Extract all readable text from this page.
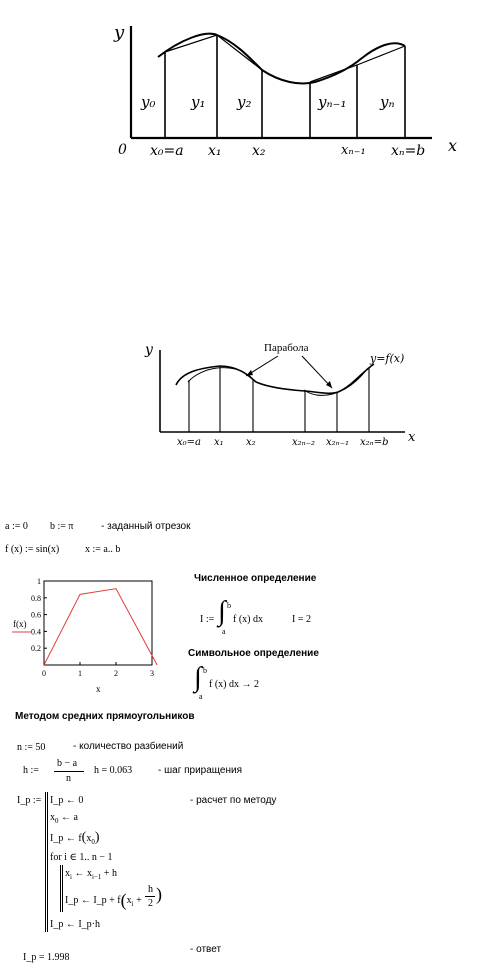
y
x
0
y₀ y₁ y₂	yₙ₋₁ yₙ
x₀=a x₁ x₂	xₙ₋₁ xₙ=b
y
x
Парабола
y=f(x)
x₀=a x₁ x₂	x₂ₙ₋₂ x₂ₙ₋₁ x₂ₙ=b
a := 0 b := π	- заданный отрезок
f (x) := sin(x)	x := a.. b
1
0.8
0.6
0.4
0.2
0	1	2	3
f(x)
x
Численное определение
I := ∫ b
a
f (x) dx	I = 2
Символьное определение
∫ b
a
f (x) dx → 2
Методом средних прямоугольников
n := 50	- количество разбиений
h :=
b − a
n
h = 0.063	- шаг приращения
I_p :=	- расчет по методу
I_p ← 0
$x_0$ ← a
I_p ← $f(x_0)$
for i ∈ 1.. n − 1
$x_i$ ← $x_{i-1} + h$
I_p ← I_p + $f(x_i$ +
h
2 )
I_p ← I_p·h
- ответ
I_p = 1.998
